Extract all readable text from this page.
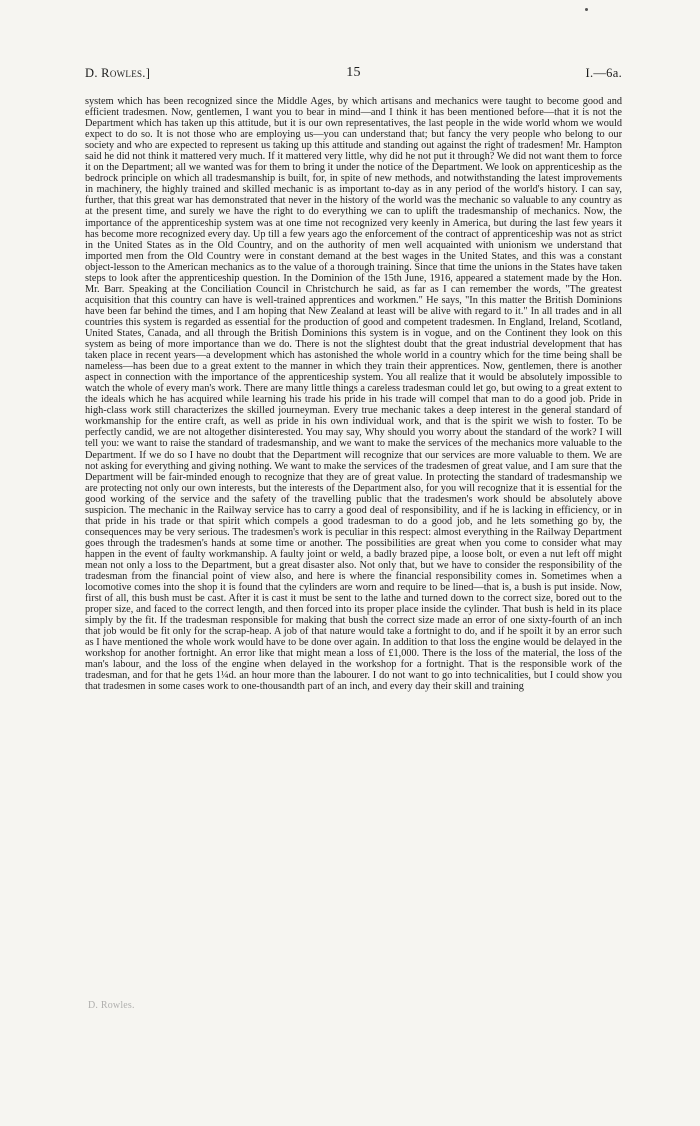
D. Rowles.]	15	I.—6a.

system which has been recognized since the Middle Ages, by which artisans and mechanics were taught to become good and efficient tradesmen. Now, gentlemen, I want you to bear in mind—and I think it has been mentioned before—that it is not the Department which has taken up this attitude, but it is our own representatives, the last people in the wide world whom we would expect to do so. It is not those who are employing us—you can understand that; but fancy the very people who belong to our society and who are expected to represent us taking up this attitude and standing out against the right of tradesmen! Mr. Hampton said he did not think it mattered very much. If it mattered very little, why did he not put it through? We did not want them to force it on the Department; all we wanted was for them to bring it under the notice of the Department. We look on apprenticeship as the bedrock principle on which all tradesmanship is built, for, in spite of new methods, and notwithstanding the latest improvements in machinery, the highly trained and skilled mechanic is as important to-day as in any period of the world's history. I can say, further, that this great war has demonstrated that never in the history of the world was the mechanic so valuable to any country as at the present time, and surely we have the right to do everything we can to uplift the tradesmanship of mechanics. Now, the importance of the apprenticeship system was at one time not recognized very keenly in America, but during the last few years it has become more recognized every day. Up till a few years ago the enforcement of the contract of apprenticeship was not as strict in the United States as in the Old Country, and on the authority of men well acquainted with unionism we understand that imported men from the Old Country were in constant demand at the best wages in the United States, and this was a constant object-lesson to the American mechanics as to the value of a thorough training. Since that time the unions in the States have taken steps to look after the apprenticeship question. In the Dominion of the 15th June, 1916, appeared a statement made by the Hon. Mr. Barr. Speaking at the Conciliation Council in Christchurch he said, as far as I can remember the words, "The greatest acquisition that this country can have is well-trained apprentices and workmen." He says, "In this matter the British Dominions have been far behind the times, and I am hoping that New Zealand at least will be alive with regard to it." In all trades and in all countries this system is regarded as essential for the production of good and competent tradesmen. In England, Ireland, Scotland, United States, Canada, and all through the British Dominions this system is in vogue, and on the Continent they look on this system as being of more importance than we do. There is not the slightest doubt that the great industrial development that has taken place in recent years—a development which has astonished the whole world in a country which for the time being shall be nameless—has been due to a great extent to the manner in which they train their apprentices. Now, gentlemen, there is another aspect in connection with the importance of the apprenticeship system. You all realize that it would be absolutely impossible to watch the whole of every man's work. There are many little things a careless tradesman could let go, but owing to a great extent to the ideals which he has acquired while learning his trade his pride in his trade will compel that man to do a good job. Pride in high-class work still characterizes the skilled journeyman. Every true mechanic takes a deep interest in the general standard of workmanship for the entire craft, as well as pride in his own individual work, and that is the spirit we wish to foster. To be perfectly candid, we are not altogether disinterested. You may say, Why should you worry about the standard of the work? I will tell you: we want to raise the standard of tradesmanship, and we want to make the services of the mechanics more valuable to the Department. If we do so I have no doubt that the Department will recognize that our services are more valuable to them. We are not asking for everything and giving nothing. We want to make the services of the tradesmen of great value, and I am sure that the Department will be fair-minded enough to recognize that they are of great value. In protecting the standard of tradesmanship we are protecting not only our own interests, but the interests of the Department also, for you will recognize that it is essential for the good working of the service and the safety of the travelling public that the tradesmen's work should be absolutely above suspicion. The mechanic in the Railway service has to carry a good deal of responsibility, and if he is lacking in efficiency, or in that pride in his trade or that spirit which compels a good tradesman to do a good job, and he lets something go by, the consequences may be very serious. The tradesmen's work is peculiar in this respect: almost everything in the Railway Department goes through the tradesmen's hands at some time or another. The possibilities are great when you come to consider what may happen in the event of faulty workmanship. A faulty joint or weld, a badly brazed pipe, a loose bolt, or even a nut left off might mean not only a loss to the Department, but a great disaster also. Not only that, but we have to consider the responsibility of the tradesman from the financial point of view also, and here is where the financial responsibility comes in. Sometimes when a locomotive comes into the shop it is found that the cylinders are worn and require to be lined—that is, a bush is put inside. Now, first of all, this bush must be cast. After it is cast it must be sent to the lathe and turned down to the correct size, bored out to the proper size, and faced to the correct length, and then forced into its proper place inside the cylinder. That bush is held in its place simply by the fit. If the tradesman responsible for making that bush the correct size made an error of one sixty-fourth of an inch that job would be fit only for the scrap-heap. A job of that nature would take a fortnight to do, and if he spoilt it by an error such as I have mentioned the whole work would have to be done over again. In addition to that loss the engine would be delayed in the workshop for another fortnight. An error like that might mean a loss of £1,000. There is the loss of the material, the loss of the man's labour, and the loss of the engine when delayed in the workshop for a fortnight. That is the responsible work of the tradesman, and for that he gets 1¼d. an hour more than the labourer. I do not want to go into technicalities, but I could show you that tradesmen in some cases work to one-thousandth part of an inch, and every day their skill and training

D. Rowles.
